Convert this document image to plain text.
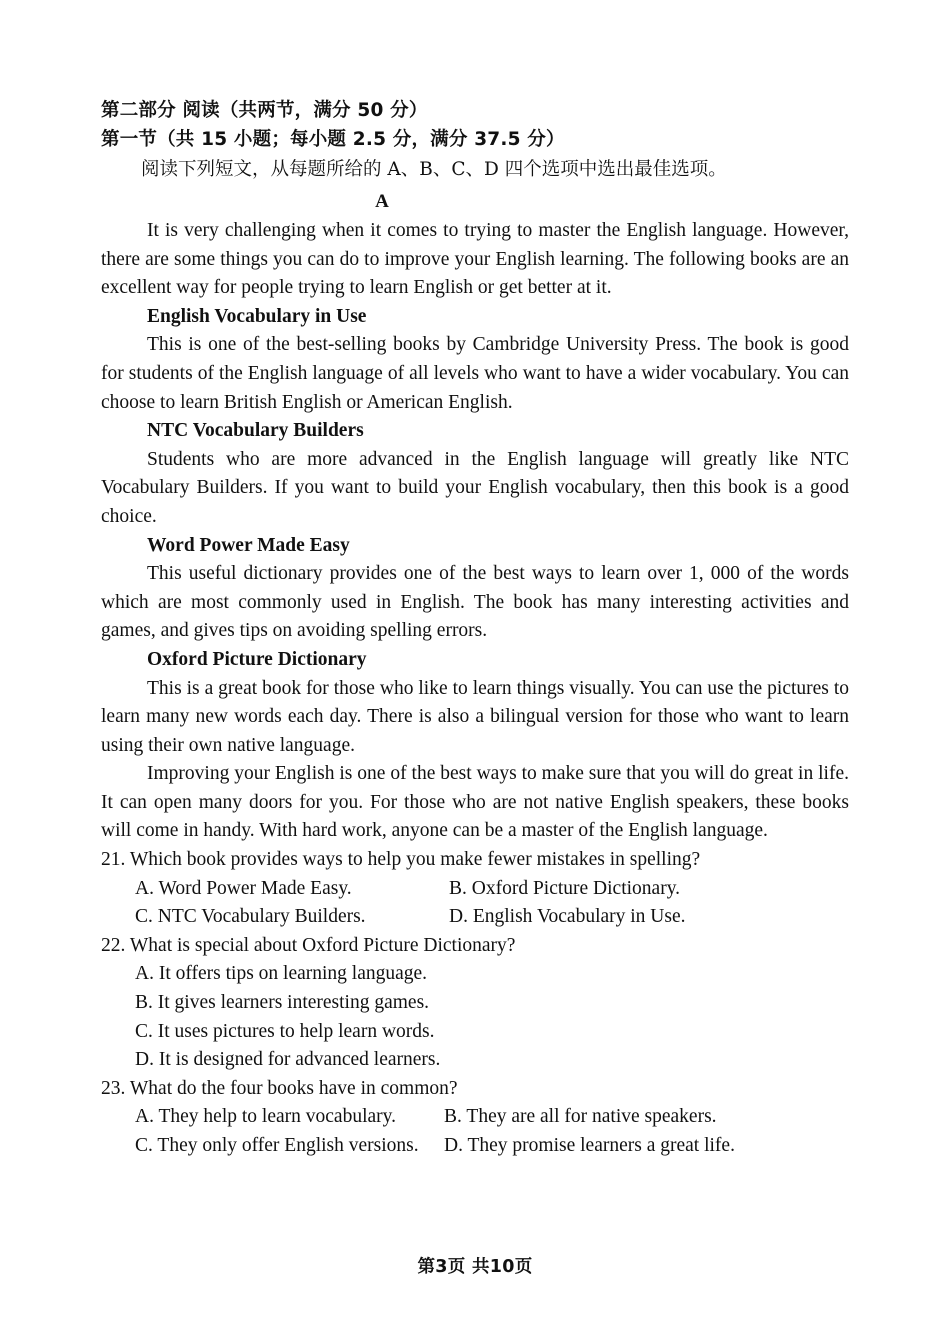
第二部分 阅读（共两节，满分 50 分）
第一节（共 15 小题；每小题 2.5 分，满分 37.5 分）
阅读下列短文，从每题所给的 A、B、C、D 四个选项中选出最佳选项。
A

It is very challenging when it comes to trying to master the English language. However, there are some things you can do to improve your English learning. The following books are an excellent way for people trying to learn English or get better at it.

English Vocabulary in Use

This is one of the best-selling books by Cambridge University Press. The book is good for students of the English language of all levels who want to have a wider vocabulary. You can choose to learn British English or American English.

NTC Vocabulary Builders

Students who are more advanced in the English language will greatly like NTC Vocabulary Builders. If you want to build your English vocabulary, then this book is a good choice.

Word Power Made Easy

This useful dictionary provides one of the best ways to learn over 1, 000 of the words which are most commonly used in English. The book has many interesting activities and games, and gives tips on avoiding spelling errors.

Oxford Picture Dictionary

This is a great book for those who like to learn things visually. You can use the pictures to learn many new words each day. There is also a bilingual version for those who want to learn using their own native language.

Improving your English is one of the best ways to make sure that you will do great in life. It can open many doors for you. For those who are not native English speakers, these books will come in handy. With hard work, anyone can be a master of the English language.

21. Which book provides ways to help you make fewer mistakes in spelling?

A. Word Power Made Easy.	B. Oxford Picture Dictionary.
C. NTC Vocabulary Builders.	D. English Vocabulary in Use.

22. What is special about Oxford Picture Dictionary?

A. It offers tips on learning language.
B. It gives learners interesting games.
C. It uses pictures to help learn words.
D. It is designed for advanced learners.

23. What do the four books have in common?

A. They help to learn vocabulary.	B. They are all for native speakers.
C. They only offer English versions.	D. They promise learners a great life.
第3页 共10页
